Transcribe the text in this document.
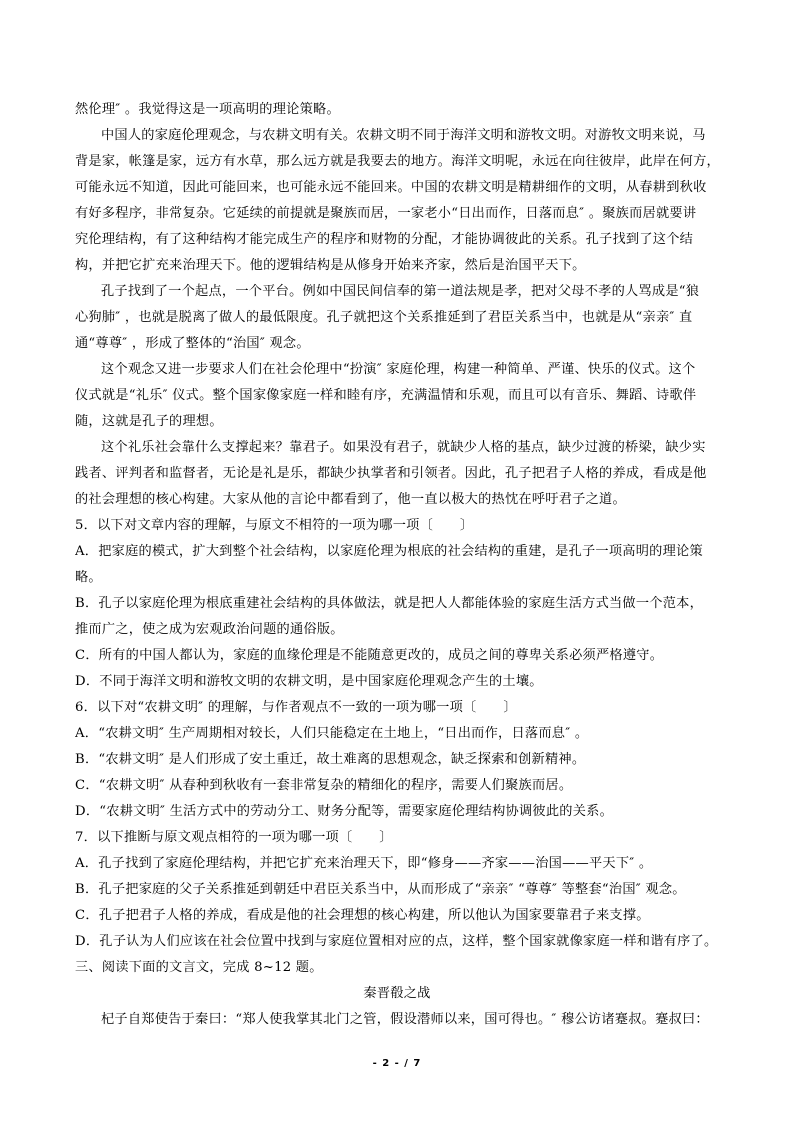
然伦理″ 。我觉得这是一项高明的理论策略。
中国人的家庭伦理观念，与农耕文明有关。农耕文明不同于海洋文明和游牧文明。对游牧文明来说，马
背是家，帐篷是家，远方有水草，那么远方就是我要去的地方。海洋文明呢，永远在向往彼岸，此岸在何方，
可能永远不知道，因此可能回来，也可能永远不能回来。中国的农耕文明是精耕细作的文明，从春耕到秋收
有好多程序，非常复杂。它延续的前提就是聚族而居，一家老小“日出而作，日落而息″ 。聚族而居就要讲
究伦理结构，有了这种结构才能完成生产的程序和财物的分配，才能协调彼此的关系。孔子找到了这个结
构，并把它扩充来治理天下。他的逻辑结构是从修身开始来齐家，然后是治国平天下。
孔子找到了一个起点，一个平台。例如中国民间信奉的第一道法规是孝，把对父母不孝的人骂成是“狼
心狗肺″ ，也就是脱离了做人的最低限度。孔子就把这个关系推延到了君臣关系当中，也就是从“亲亲″ 直
通“尊尊″ ，形成了整体的“治国″ 观念。
这个观念又进一步要求人们在社会伦理中“扮演″ 家庭伦理，构建一种简单、严谨、快乐的仪式。这个
仪式就是“礼乐″ 仪式。整个国家像家庭一样和睦有序，充满温情和乐观，而且可以有音乐、舞蹈、诗歌伴
随，这就是孔子的理想。
这个礼乐社会靠什么支撑起来？靠君子。如果没有君子，就缺少人格的基点，缺少过渡的桥梁，缺少实
践者、评判者和监督者，无论是礼是乐，都缺少执掌者和引领者。因此，孔子把君子人格的养成，看成是他
的社会理想的核心构建。大家从他的言论中都看到了，他一直以极大的热忱在呼吁君子之道。
5．以下对文章内容的理解，与原文不相符的一项为哪一项〔　　〕
A．把家庭的模式，扩大到整个社会结构，以家庭伦理为根底的社会结构的重建，是孔子一项高明的理论策
略。
B．孔子以家庭伦理为根底重建社会结构的具体做法，就是把人人都能体验的家庭生活方式当做一个范本，
推而广之，使之成为宏观政治问题的通俗版。
C．所有的中国人都认为，家庭的血缘伦理是不能随意更改的，成员之间的尊卑关系必须严格遵守。
D．不同于海洋文明和游牧文明的农耕文明，是中国家庭伦理观念产生的土壤。
6．以下对“农耕文明″ 的理解，与作者观点不一致的一项为哪一项〔　　〕
A．“农耕文明″ 生产周期相对较长，人们只能稳定在土地上，“日出而作，日落而息″ 。
B．“农耕文明″ 是人们形成了安土重迁，故土难离的思想观念，缺乏探索和创新精神。
C．“农耕文明″ 从春种到秋收有一套非常复杂的精细化的程序，需要人们聚族而居。
D．“农耕文明″ 生活方式中的劳动分工、财务分配等，需要家庭伦理结构协调彼此的关系。
7．以下推断与原文观点相符的一项为哪一项〔　　〕
A．孔子找到了家庭伦理结构，并把它扩充来治理天下，即“修身——齐家——治国——平天下″ 。
B．孔子把家庭的父子关系推延到朝廷中君臣关系当中，从而形成了“亲亲″ “尊尊″ 等整套“治国″ 观念。
C．孔子把君子人格的养成，看成是他的社会理想的核心构建，所以他认为国家要靠君子来支撑。
D．孔子认为人们应该在社会位置中找到与家庭位置相对应的点，这样，整个国家就像家庭一样和谐有序了。
三、阅读下面的文言文，完成 8~12 题。
秦晋殽之战
杞子自郑使告于秦曰：“郑人使我掌其北门之管，假设潜师以来，国可得也。″ 穆公访诸蹇叔。蹇叔曰：
- 2 - / 7
